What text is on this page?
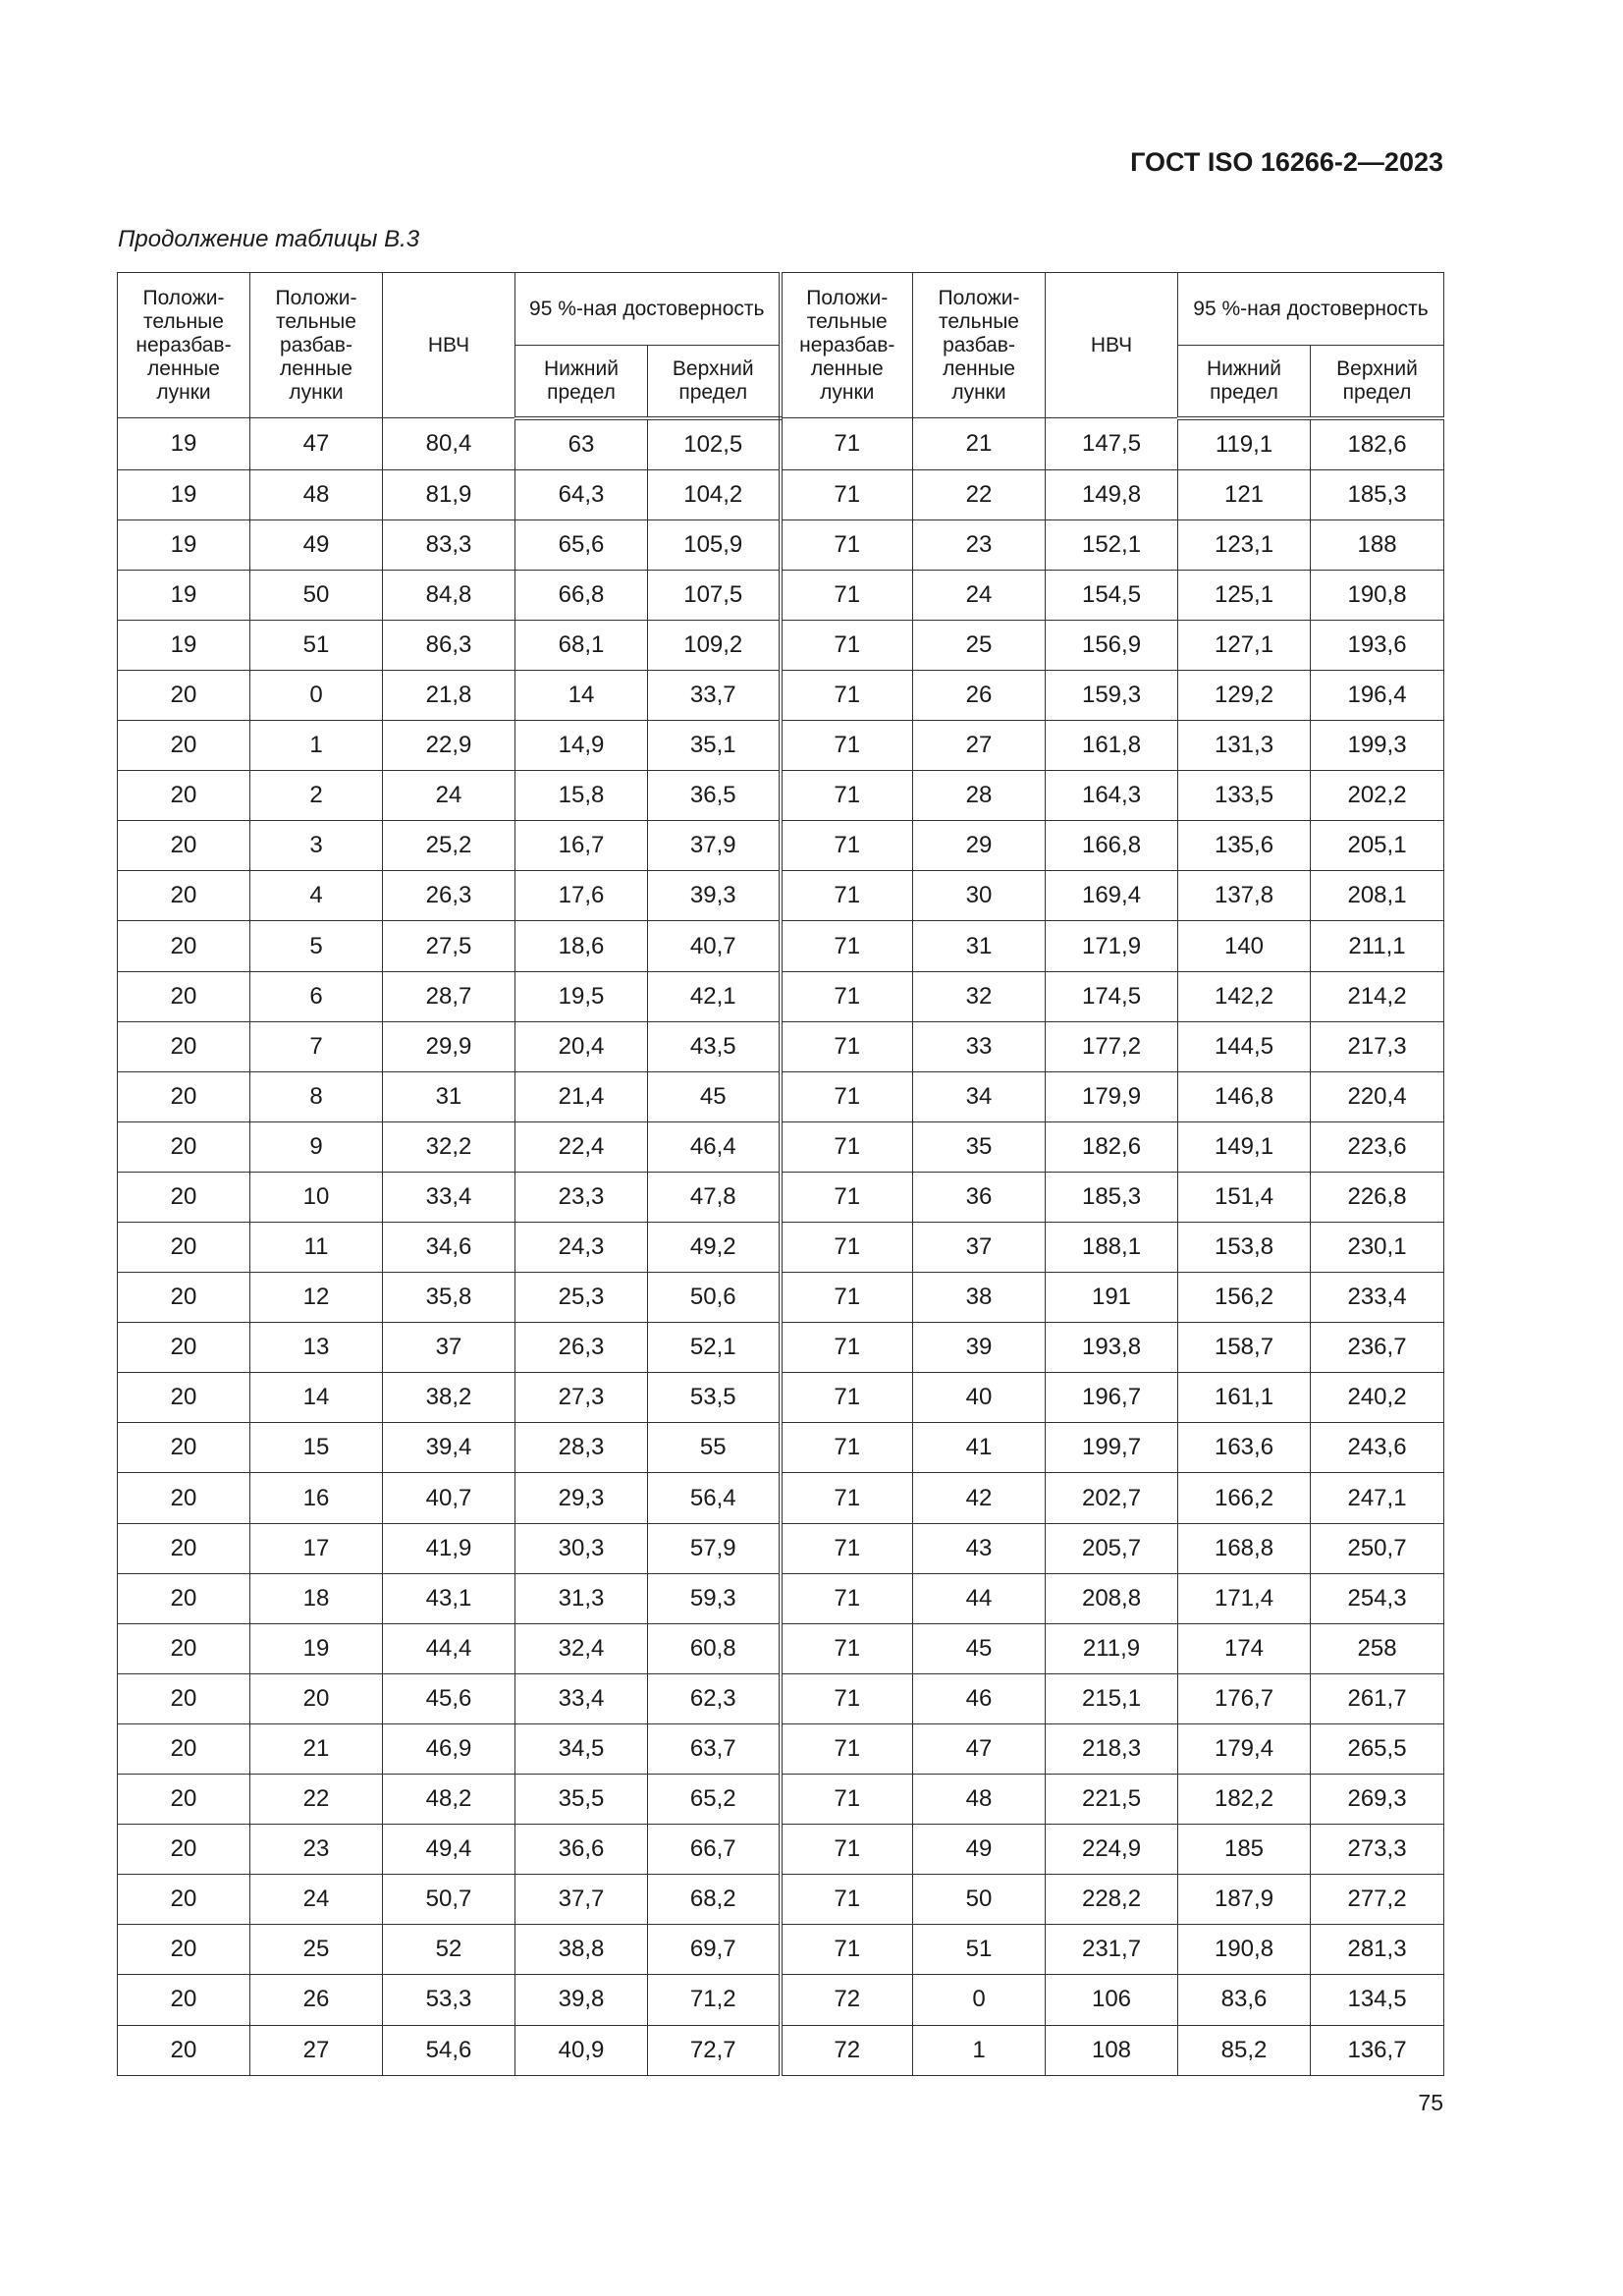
ГОСТ ISO 16266-2—2023
Продолжение таблицы В.3
Положи-тельные неразбав-ленные лунки	Положи-тельные разбав-ленные лунки	НВЧ	95 %-ная достоверность		Положи-тельные неразбав-ленные лунки	Положи-тельные разбав-ленные лунки	НВЧ	95 %-ная достоверность	
			Нижний предел	Верхний предел				Нижний предел	Верхний предел
19	47	80,4	63	102,5	71	21	147,5	119,1	182,6
19	48	81,9	64,3	104,2	71	22	149,8	121	185,3
19	49	83,3	65,6	105,9	71	23	152,1	123,1	188
19	50	84,8	66,8	107,5	71	24	154,5	125,1	190,8
19	51	86,3	68,1	109,2	71	25	156,9	127,1	193,6
20	0	21,8	14	33,7	71	26	159,3	129,2	196,4
20	1	22,9	14,9	35,1	71	27	161,8	131,3	199,3
20	2	24	15,8	36,5	71	28	164,3	133,5	202,2
20	3	25,2	16,7	37,9	71	29	166,8	135,6	205,1
20	4	26,3	17,6	39,3	71	30	169,4	137,8	208,1
20	5	27,5	18,6	40,7	71	31	171,9	140	211,1
20	6	28,7	19,5	42,1	71	32	174,5	142,2	214,2
20	7	29,9	20,4	43,5	71	33	177,2	144,5	217,3
20	8	31	21,4	45	71	34	179,9	146,8	220,4
20	9	32,2	22,4	46,4	71	35	182,6	149,1	223,6
20	10	33,4	23,3	47,8	71	36	185,3	151,4	226,8
20	11	34,6	24,3	49,2	71	37	188,1	153,8	230,1
20	12	35,8	25,3	50,6	71	38	191	156,2	233,4
20	13	37	26,3	52,1	71	39	193,8	158,7	236,7
20	14	38,2	27,3	53,5	71	40	196,7	161,1	240,2
20	15	39,4	28,3	55	71	41	199,7	163,6	243,6
20	16	40,7	29,3	56,4	71	42	202,7	166,2	247,1
20	17	41,9	30,3	57,9	71	43	205,7	168,8	250,7
20	18	43,1	31,3	59,3	71	44	208,8	171,4	254,3
20	19	44,4	32,4	60,8	71	45	211,9	174	258
20	20	45,6	33,4	62,3	71	46	215,1	176,7	261,7
20	21	46,9	34,5	63,7	71	47	218,3	179,4	265,5
20	22	48,2	35,5	65,2	71	48	221,5	182,2	269,3
20	23	49,4	36,6	66,7	71	49	224,9	185	273,3
20	24	50,7	37,7	68,2	71	50	228,2	187,9	277,2
20	25	52	38,8	69,7	71	51	231,7	190,8	281,3
20	26	53,3	39,8	71,2	72	0	106	83,6	134,5
20	27	54,6	40,9	72,7	72	1	108	85,2	136,7
75
